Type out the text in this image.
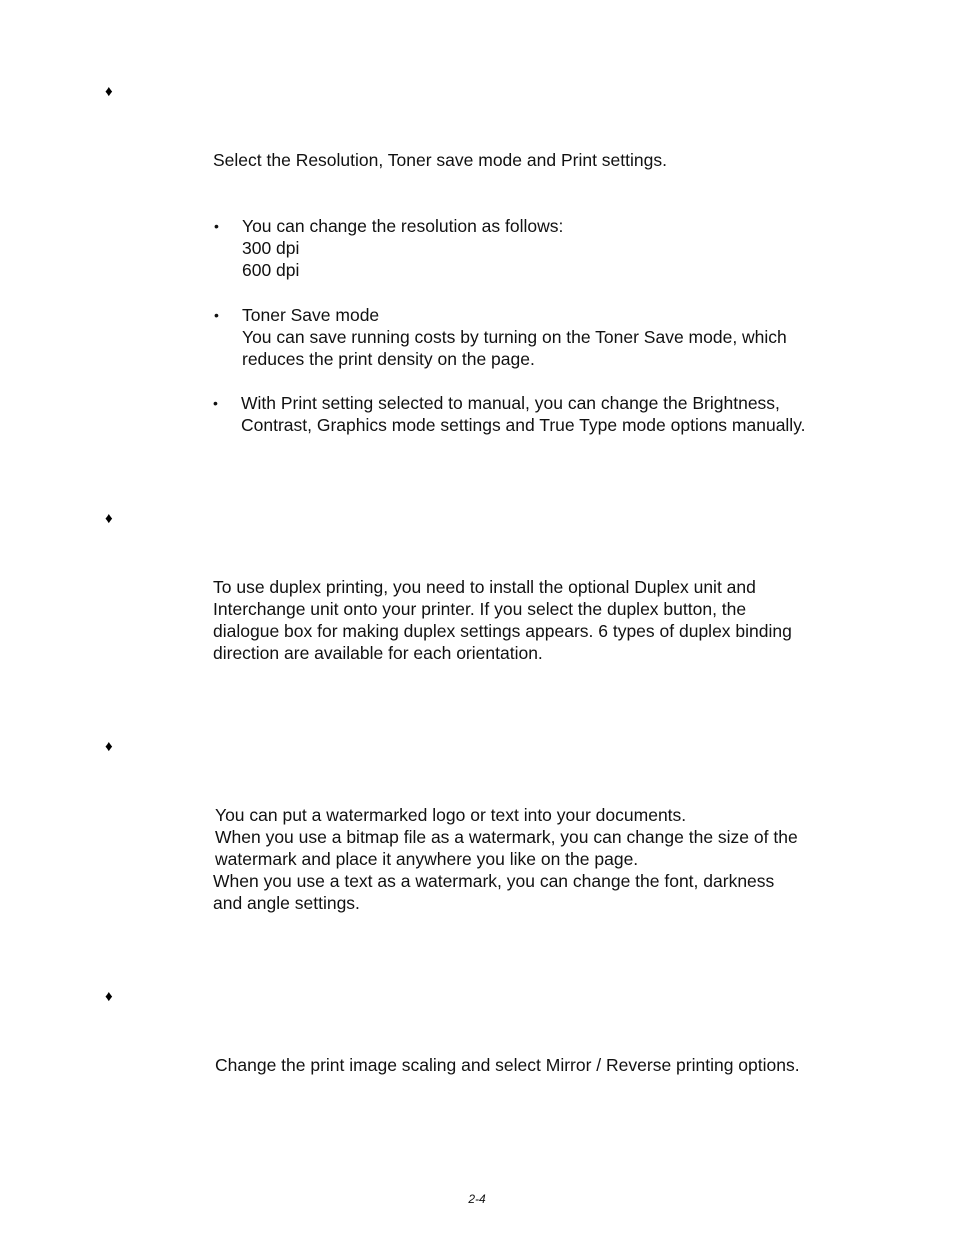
♦

Select the Resolution, Toner save mode and Print settings.

• You can change the resolution as follows:
300 dpi
600 dpi
• Toner Save mode
You can save running costs by turning on the Toner Save mode, which
reduces the print density on the page.
• With Print setting selected to manual, you can change the Brightness,
Contrast, Graphics mode settings and True Type mode options manually.
♦

To use duplex printing, you need to install the optional Duplex unit and
Interchange unit onto your printer. If you select the duplex button, the
dialogue box for making duplex settings appears. 6 types of duplex binding
direction are available for each orientation.

♦

You can put a watermarked logo or text into your documents.
When you use a bitmap file as a watermark, you can change the size of the
watermark and place it anywhere you like on the page.
When you use a text as a watermark, you can change the font, darkness
and angle settings.

♦

Change the print image scaling and select Mirror / Reverse printing options.

2-4
